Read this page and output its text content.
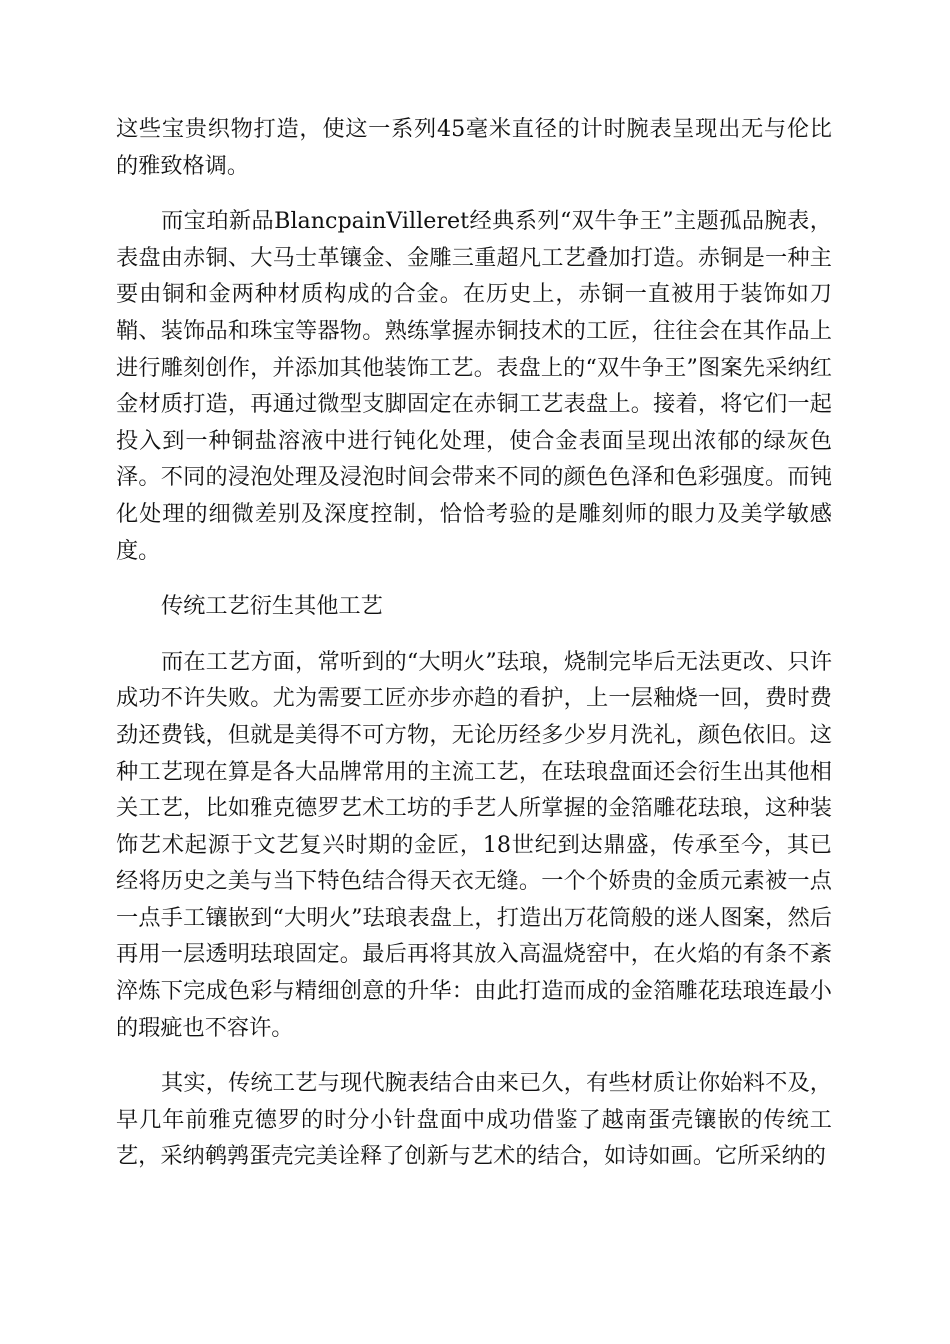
这些宝贵织物打造，使这一系列45毫米直径的计时腕表呈现出无与伦比的雅致格调。

而宝珀新品BlancpainVilleret经典系列“双牛争王”主题孤品腕表，表盘由赤铜、大马士革镶金、金雕三重超凡工艺叠加打造。赤铜是一种主要由铜和金两种材质构成的合金。在历史上，赤铜一直被用于装饰如刀鞘、装饰品和珠宝等器物。熟练掌握赤铜技术的工匠，往往会在其作品上进行雕刻创作，并添加其他装饰工艺。表盘上的“双牛争王”图案先采纳红金材质打造，再通过微型支脚固定在赤铜工艺表盘上。接着，将它们一起投入到一种铜盐溶液中进行钝化处理，使合金表面呈现出浓郁的绿灰色泽。不同的浸泡处理及浸泡时间会带来不同的颜色色泽和色彩强度。而钝化处理的细微差别及深度控制，恰恰考验的是雕刻师的眼力及美学敏感度。

传统工艺衍生其他工艺

而在工艺方面，常听到的“大明火”珐琅，烧制完毕后无法更改、只许成功不许失败。尤为需要工匠亦步亦趋的看护，上一层釉烧一回，费时费劲还费钱，但就是美得不可方物，无论历经多少岁月洗礼，颜色依旧。这种工艺现在算是各大品牌常用的主流工艺，在珐琅盘面还会衍生出其他相关工艺，比如雅克德罗艺术工坊的手艺人所掌握的金箔雕花珐琅，这种装饰艺术起源于文艺复兴时期的金匠，18世纪到达鼎盛，传承至今，其已经将历史之美与当下特色结合得天衣无缝。一个个娇贵的金质元素被一点一点手工镶嵌到“大明火”珐琅表盘上，打造出万花筒般的迷人图案，然后再用一层透明珐琅固定。最后再将其放入高温烧窑中，在火焰的有条不紊淬炼下完成色彩与精细创意的升华：由此打造而成的金箔雕花珐琅连最小的瑕疵也不容许。

其实，传统工艺与现代腕表结合由来已久，有些材质让你始料不及，早几年前雅克德罗的时分小针盘面中成功借鉴了越南蛋壳镶嵌的传统工艺，采纳鹌鹑蛋壳完美诠释了创新与艺术的结合，如诗如画。它所采纳的
